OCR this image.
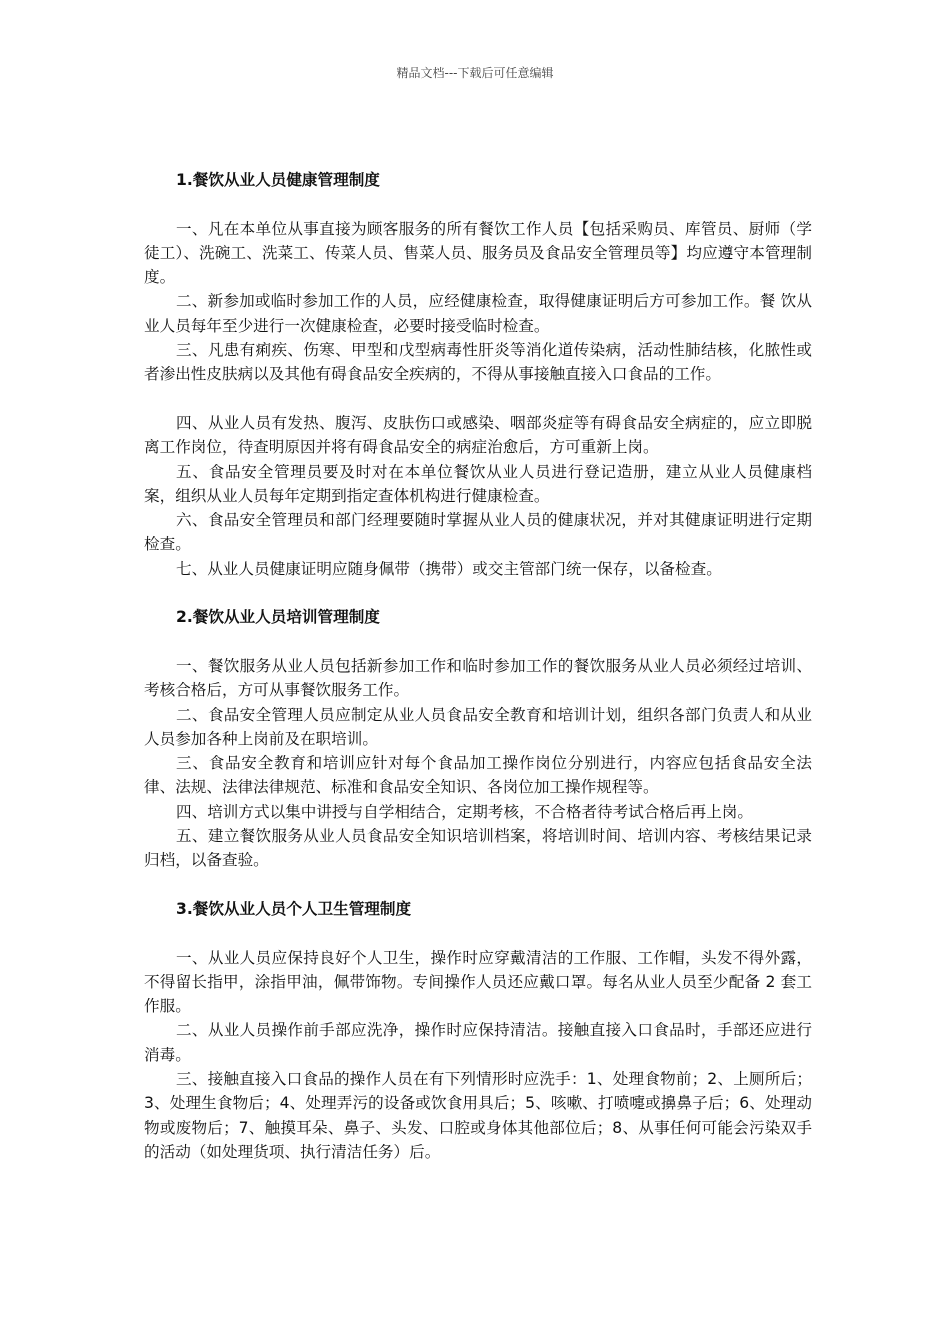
精品文档---下载后可任意编辑
1.餐饮从业人员健康管理制度

一、凡在本单位从事直接为顾客服务的所有餐饮工作人员【包括采购员、库管员、厨师（学徒工）、洗碗工、洗菜工、传菜人员、售菜人员、服务员及食品安全管理员等】均应遵守本管理制度。

二、新参加或临时参加工作的人员，应经健康检查，取得健康证明后方可参加工作。餐 饮从业人员每年至少进行一次健康检查，必要时接受临时检查。

三、凡患有痢疾、伤寒、甲型和戊型病毒性肝炎等消化道传染病，活动性肺结核，化脓性或者渗出性皮肤病以及其他有碍食品安全疾病的，不得从事接触直接入口食品的工作。

四、从业人员有发热、腹泻、皮肤伤口或感染、咽部炎症等有碍食品安全病症的，应立即脱离工作岗位，待查明原因并将有碍食品安全的病症治愈后，方可重新上岗。

五、食品安全管理员要及时对在本单位餐饮从业人员进行登记造册，建立从业人员健康档案，组织从业人员每年定期到指定查体机构进行健康检查。

六、食品安全管理员和部门经理要随时掌握从业人员的健康状况，并对其健康证明进行定期检查。

七、从业人员健康证明应随身佩带（携带）或交主管部门统一保存，以备检查。

2.餐饮从业人员培训管理制度

一、餐饮服务从业人员包括新参加工作和临时参加工作的餐饮服务从业人员必须经过培训、考核合格后，方可从事餐饮服务工作。

二、食品安全管理人员应制定从业人员食品安全教育和培训计划，组织各部门负责人和从业人员参加各种上岗前及在职培训。

三、食品安全教育和培训应针对每个食品加工操作岗位分别进行，内容应包括食品安全法律、法规、法律法律规范、标准和食品安全知识、各岗位加工操作规程等。

四、培训方式以集中讲授与自学相结合，定期考核，不合格者待考试合格后再上岗。

五、建立餐饮服务从业人员食品安全知识培训档案，将培训时间、培训内容、考核结果记录归档，以备查验。

3.餐饮从业人员个人卫生管理制度

一、从业人员应保持良好个人卫生，操作时应穿戴清洁的工作服、工作帽，头发不得外露，不得留长指甲，涂指甲油，佩带饰物。专间操作人员还应戴口罩。每名从业人员至少配备 2 套工作服。

二、从业人员操作前手部应洗净，操作时应保持清洁。接触直接入口食品时，手部还应进行消毒。

三、接触直接入口食品的操作人员在有下列情形时应洗手：1、处理食物前；2、上厕所后；3、处理生食物后；4、处理弄污的设备或饮食用具后；5、咳嗽、打喷嚏或擤鼻子后；6、处理动物或废物后；7、触摸耳朵、鼻子、头发、口腔或身体其他部位后；8、从事任何可能会污染双手的活动（如处理货项、执行清洁任务）后。
